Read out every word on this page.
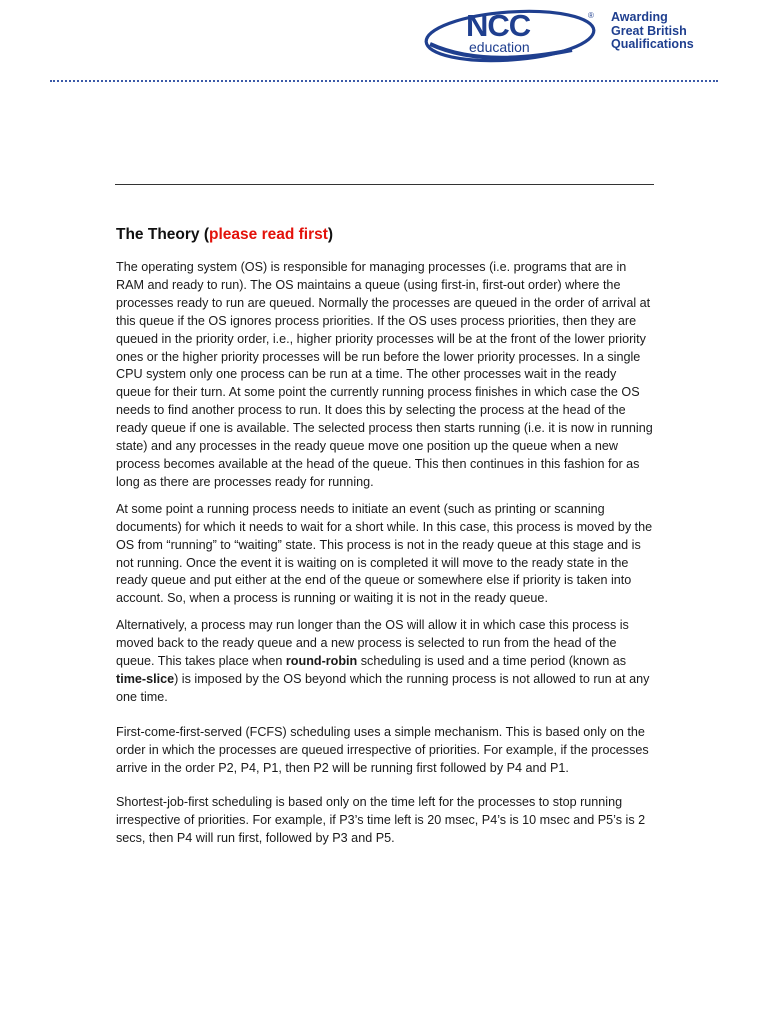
NCC
education
® Awarding
Great British
Qualifications
The Theory (please read first)

The operating system (OS) is responsible for managing processes (i.e. programs that are in RAM and ready to run). The OS maintains a queue (using first-in, first-out order) where the processes ready to run are queued. Normally the processes are queued in the order of arrival at this queue if the OS ignores process priorities. If the OS uses process priorities, then they are queued in the priority order, i.e., higher priority processes will be at the front of the lower priority ones or the higher priority processes will be run before the lower priority processes. In a single CPU system only one process can be run at a time. The other processes wait in the ready queue for their turn. At some point the currently running process finishes in which case the OS needs to find another process to run. It does this by selecting the process at the head of the ready queue if one is available. The selected process then starts running (i.e. it is now in running state) and any processes in the ready queue move one position up the queue when a new process becomes available at the head of the queue. This then continues in this fashion for as long as there are processes ready for running.

At some point a running process needs to initiate an event (such as printing or scanning documents) for which it needs to wait for a short while. In this case, this process is moved by the OS from “running” to “waiting” state. This process is not in the ready queue at this stage and is not running. Once the event it is waiting on is completed it will move to the ready state in the ready queue and put either at the end of the queue or somewhere else if priority is taken into account. So, when a process is running or waiting it is not in the ready queue.

Alternatively, a process may run longer than the OS will allow it in which case this process is moved back to the ready queue and a new process is selected to run from the head of the queue. This takes place when round-robin scheduling is used and a time period (known as time-slice) is imposed by the OS beyond which the running process is not allowed to run at any one time.

First-come-first-served (FCFS) scheduling uses a simple mechanism. This is based only on the order in which the processes are queued irrespective of priorities. For example, if the processes arrive in the order P2, P4, P1, then P2 will be running first followed by P4 and P1.

Shortest-job-first scheduling is based only on the time left for the processes to stop running irrespective of priorities. For example, if P3’s time left is 20 msec, P4’s is 10 msec and P5’s is 2 secs, then P4 will run first, followed by P3 and P5.
